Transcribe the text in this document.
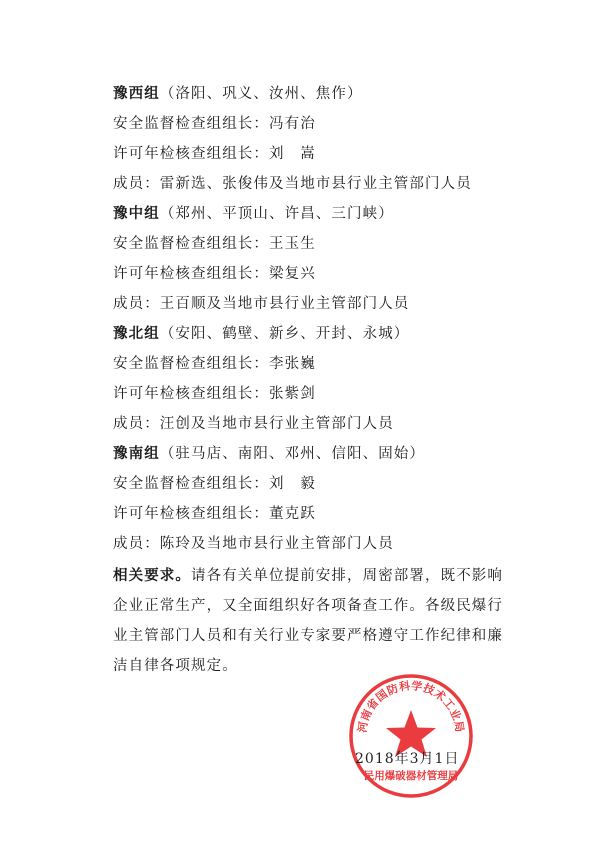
豫西组（洛阳、巩义、汝州、焦作）
安全监督检查组组长：冯有治
许可年检核查组组长：刘　嵩
成员：雷新选、张俊伟及当地市县行业主管部门人员
豫中组（郑州、平顶山、许昌、三门峡）
安全监督检查组组长：王玉生
许可年检核查组组长：梁复兴
成员：王百顺及当地市县行业主管部门人员
豫北组（安阳、鹤壁、新乡、开封、永城）
安全监督检查组组长：李张巍
许可年检核查组组长：张紫剑
成员：汪创及当地市县行业主管部门人员
豫南组（驻马店、南阳、邓州、信阳、固始）
安全监督检查组组长：刘　毅
许可年检核查组组长：董克跃
成员：陈玲及当地市县行业主管部门人员
相关要求。请各有关单位提前安排，周密部署，既不影响企业正常生产，又全面组织好各项备查工作。各级民爆行业主管部门人员和有关行业专家要严格遵守工作纪律和廉洁自律各项规定。
河南省国防科学技术工业局
民用爆破器材管理局
2018年3月1日
